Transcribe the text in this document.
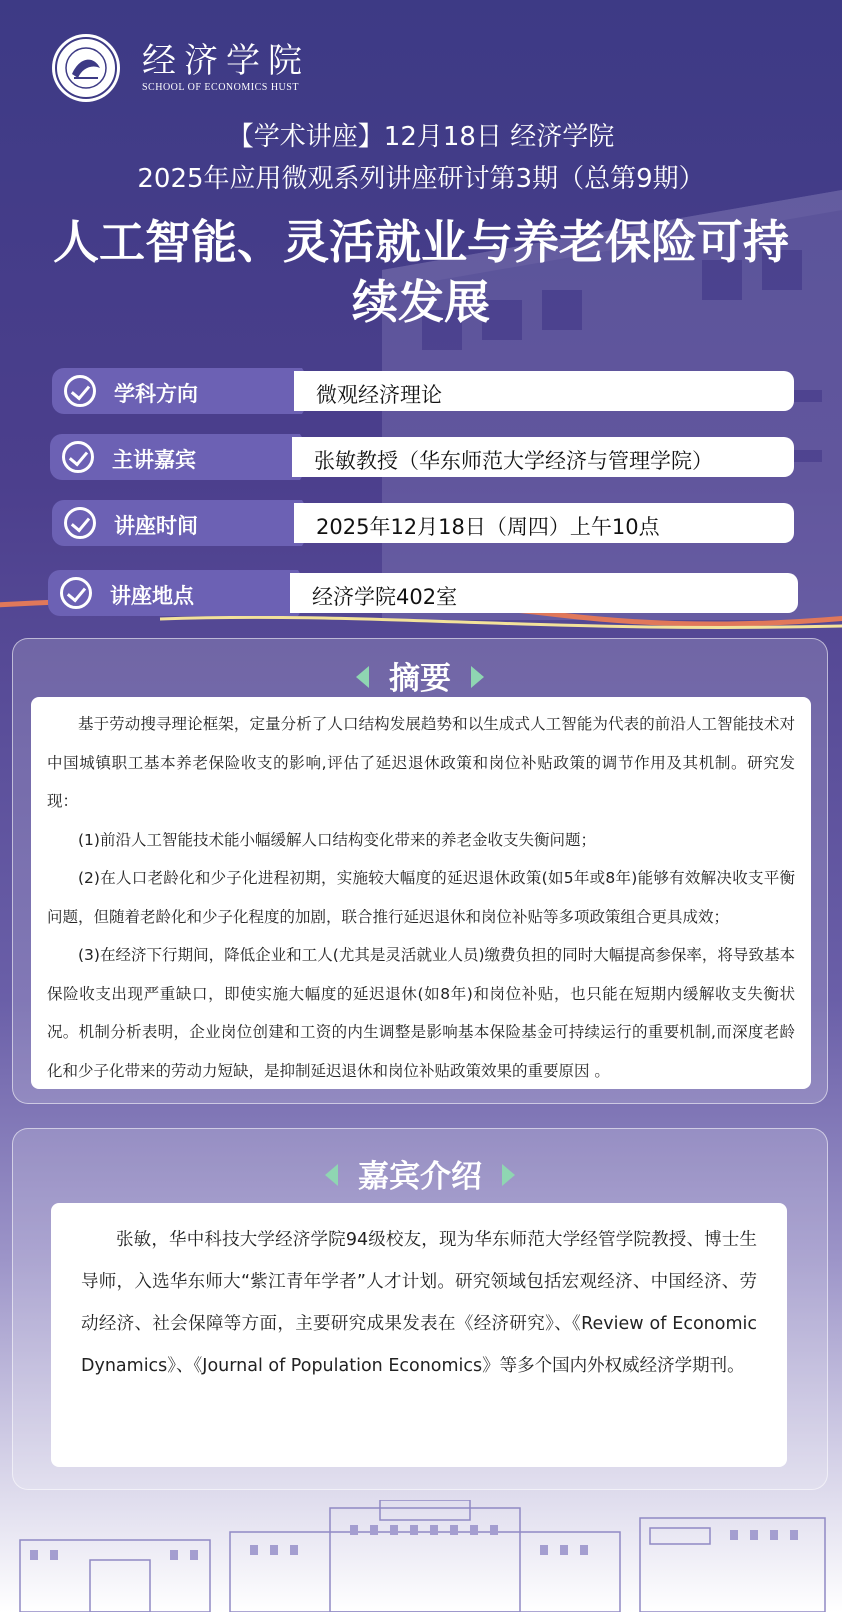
经济学院
SCHOOL OF ECONOMICS HUST
【学术讲座】12月18日 经济学院
2025年应用微观系列讲座研讨第3期（总第9期）
人工智能、灵活就业与养老保险可持
续发展
学科方向	微观经济理论
主讲嘉宾	张敏教授（华东师范大学经济与管理学院）
讲座时间	2025年12月18日（周四）上午10点
讲座地点	经济学院402室
摘要

基于劳动搜寻理论框架，定量分析了人口结构发展趋势和以生成式人工智能为代表的前沿人工智能技术对中国城镇职工基本养老保险收支的影响,评估了延迟退休政策和岗位补贴政策的调节作用及其机制。研究发现：

(1)前沿人工智能技术能小幅缓解人口结构变化带来的养老金收支失衡问题；

(2)在人口老龄化和少子化进程初期，实施较大幅度的延迟退休政策(如5年或8年)能够有效解决收支平衡问题，但随着老龄化和少子化程度的加剧，联合推行延迟退休和岗位补贴等多项政策组合更具成效；

(3)在经济下行期间，降低企业和工人(尤其是灵活就业人员)缴费负担的同时大幅提高参保率，将导致基本保险收支出现严重缺口，即使实施大幅度的延迟退休(如8年)和岗位补贴，也只能在短期内缓解收支失衡状况。机制分析表明，企业岗位创建和工资的内生调整是影响基本保险基金可持续运行的重要机制,而深度老龄化和少子化带来的劳动力短缺，是抑制延迟退休和岗位补贴政策效果的重要原因 。

嘉宾介绍

张敏，华中科技大学经济学院94级校友，现为华东师范大学经管学院教授、博士生导师，入选华东师大“紫江青年学者”人才计划。研究领域包括宏观经济、中国经济、劳动经济、社会保障等方面，主要研究成果发表在《经济研究》、《Review of Economic Dynamics》、《Journal of Population Economics》等多个国内外权威经济学期刊。
